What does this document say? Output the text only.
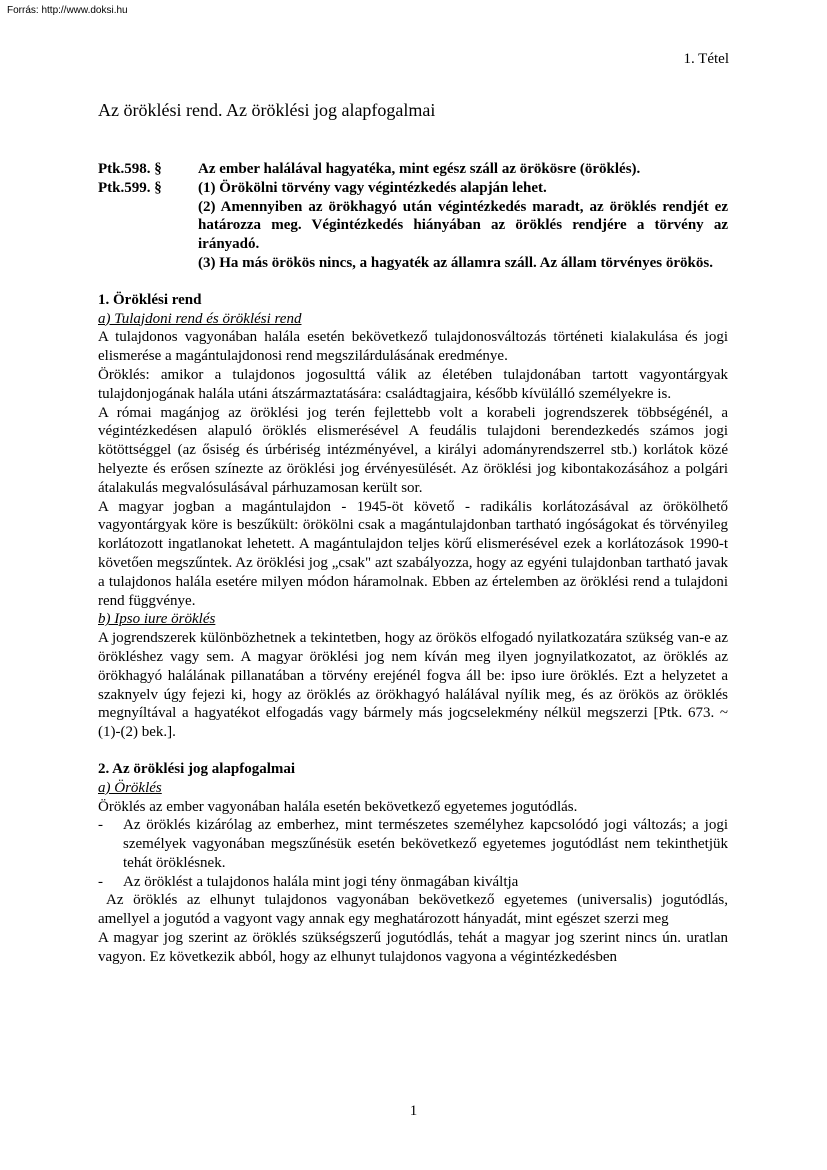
Forrás: http://www.doksi.hu
1. Tétel
Az öröklési rend. Az öröklési jog alapfogalmai
Ptk.598. §	Az ember halálával hagyatéka, mint egész száll az örökösre (öröklés).

Ptk.599. §	(1) Örökölni törvény vagy végintézkedés alapján lehet.

(2) Amennyiben az örökhagyó után végintézkedés maradt, az öröklés rendjét ez határozza meg. Végintézkedés hiányában az öröklés rendjére a törvény az irányadó.

(3) Ha más örökös nincs, a hagyaték az államra száll. Az állam törvényes örökös.

1. Öröklési rend

a) Tulajdoni rend és öröklési rend

A tulajdonos vagyonában halála esetén bekövetkező tulajdonosváltozás történeti kialakulása és jogi elismerése a magántulajdonosi rend megszilárdulásának eredménye.

Öröklés: amikor a tulajdonos jogosulttá válik az életében tulajdonában tartott vagyontárgyak tulajdonjogának halála utáni átszármaztatására: családtagjaira, később kívülálló személyekre is.

A római magánjog az öröklési jog terén fejlettebb volt a korabeli jogrendszerek többségénél, a végintézkedésen alapuló öröklés elismerésével A feudális tulajdoni berendezkedés számos jogi kötöttséggel (az ősiség és úrbériség intézményével, a királyi adományrendszerrel stb.) korlátok közé helyezte és erősen színezte az öröklési jog érvényesülését. Az öröklési jog kibontakozásához a polgári átalakulás megvalósulásával párhuzamosan került sor.

A magyar jogban a magántulajdon - 1945-öt követő - radikális korlátozásával az örökölhető vagyontárgyak köre is beszűkült: örökölni csak a magántulajdonban tartható ingóságokat és törvényileg korlátozott ingatlanokat lehetett. A magántulajdon teljes körű elismerésével ezek a korlátozások 1990-t követően megszűntek. Az öröklési jog „csak" azt szabályozza, hogy az egyéni tulajdonban tartható javak a tulajdonos halála esetére milyen módon háramolnak. Ebben az értelemben az öröklési rend a tulajdoni rend függvénye.

b) Ipso iure öröklés

A jogrendszerek különbözhetnek a tekintetben, hogy az örökös elfogadó nyilatkozatára szükség van-e az örökléshez vagy sem. A magyar öröklési jog nem kíván meg ilyen jognyilatkozatot, az öröklés az örökhagyó halálának pillanatában a törvény erejénél fogva áll be: ipso iure öröklés. Ezt a helyzetet a szaknyelv úgy fejezi ki, hogy az öröklés az örökhagyó halálával nyílik meg, és az örökös az öröklés megnyíltával a hagyatékot elfogadás vagy bármely más jogcselekmény nélkül megszerzi [Ptk. 673. ~ (1)-(2) bek.].

2. Az öröklési jog alapfogalmai

a) Öröklés

Öröklés az ember vagyonában halála esetén bekövetkező egyetemes jogutódlás.

- Az öröklés kizárólag az emberhez, mint természetes személyhez kapcsolódó jogi változás; a jogi személyek vagyonában megszűnésük esetén bekövetkező egyetemes jogutódlást nem tekinthetjük tehát öröklésnek.
- Az öröklést a tulajdonos halála mint jogi tény önmagában kiváltja

Az öröklés az elhunyt tulajdonos vagyonában bekövetkező egyetemes (universalis) jogutódlás, amellyel a jogutód a vagyont vagy annak egy meghatározott hányadát, mint egészet szerzi meg

A magyar jog szerint az öröklés szükségszerű jogutódlás, tehát a magyar jog szerint nincs ún. uratlan vagyon. Ez következik abból, hogy az elhunyt tulajdonos vagyona a végintézkedésben

1
